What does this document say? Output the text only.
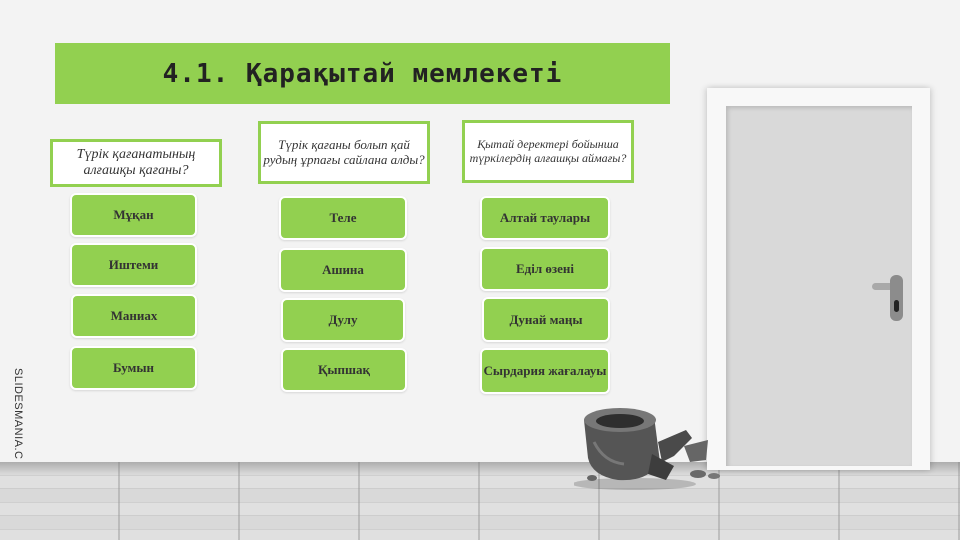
SLIDESMANIA.C
4.1. Қарақытай мемлекеті
Түрік қағанатының алғашқы қағаны?
Мұқан
Иштеми
Маниах
Бумын
Түрік қағаны болып қай рудың ұрпағы сайлана алды?
Теле
Ашина
Дулу
Қыпшақ
Қытай деректері бойынша түркілердің алғашқы аймағы?
Алтай таулары
Еділ өзені
Дунай маңы
Сырдария жағалауы
